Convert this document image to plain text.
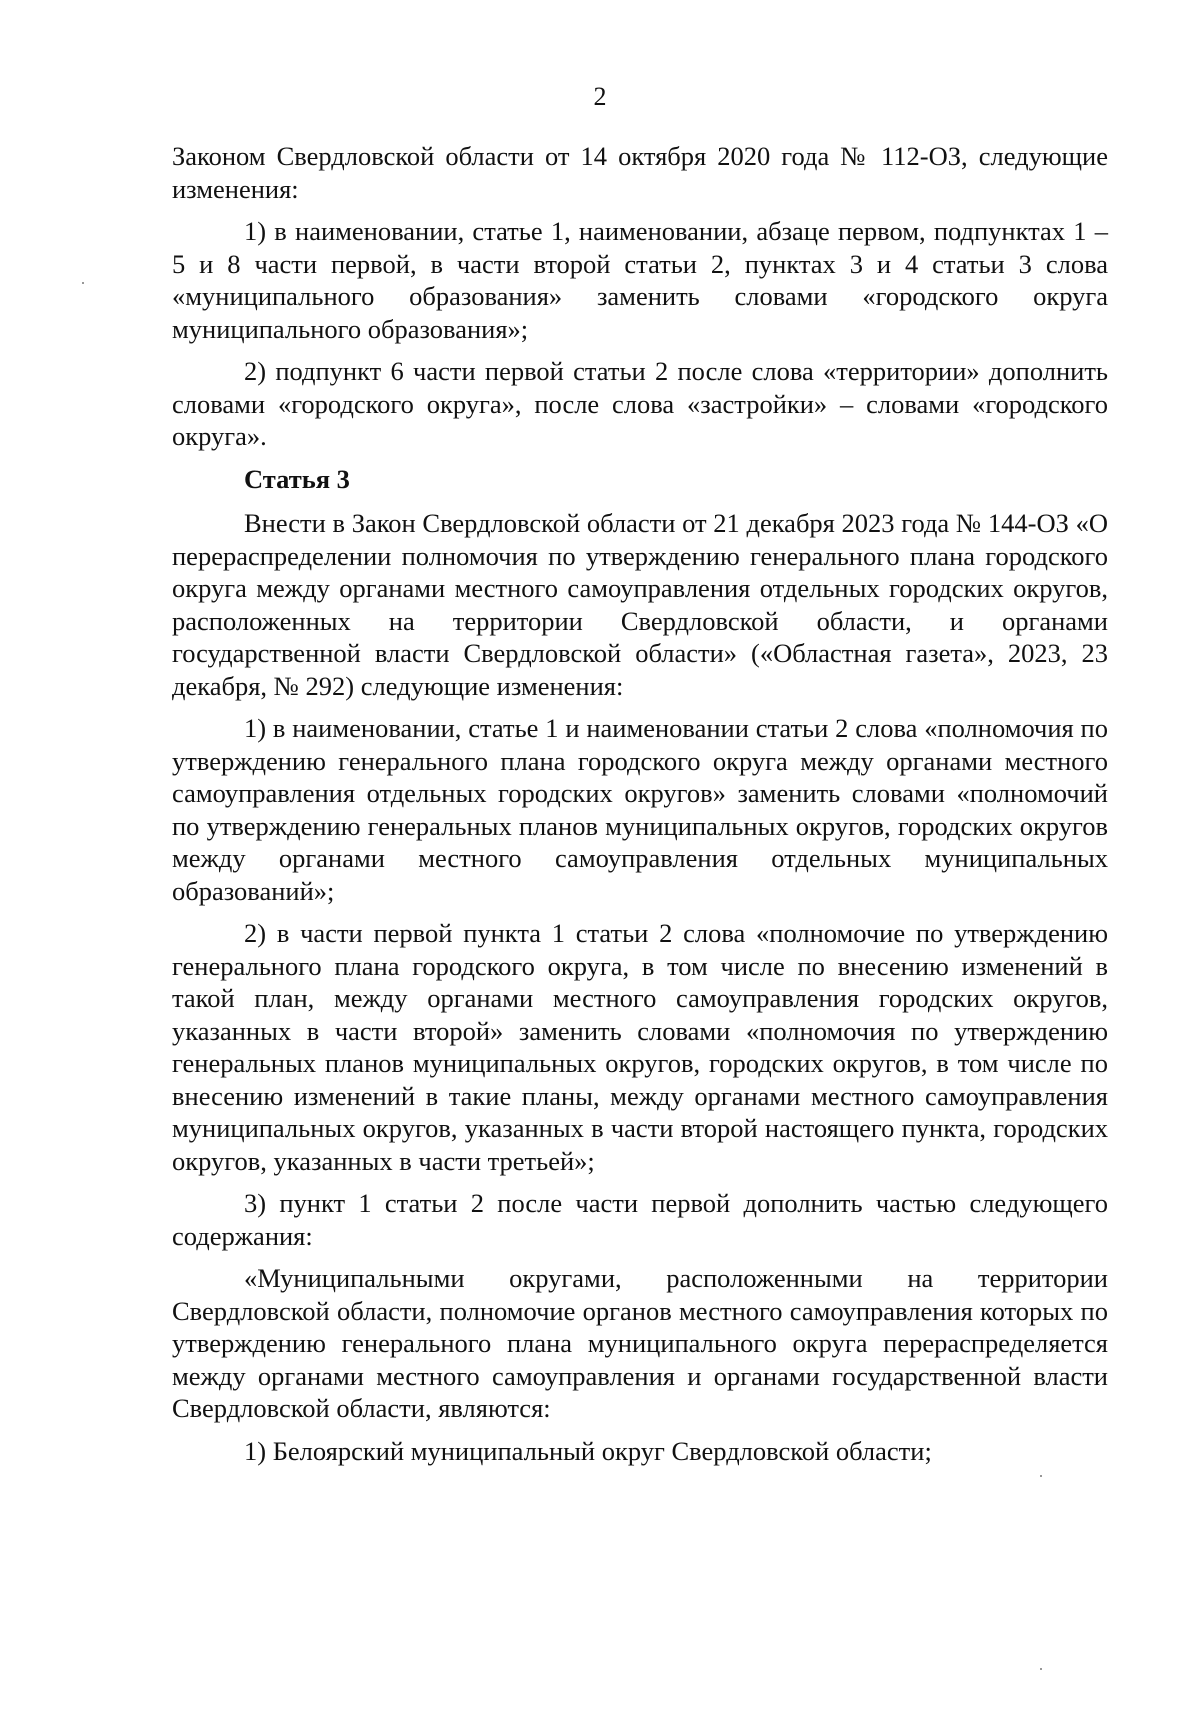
2

Законом Свердловской области от 14 октября 2020 года № 112-ОЗ, следующие изменения:

1) в наименовании, статье 1, наименовании, абзаце первом, подпунктах 1 – 5 и 8 части первой, в части второй статьи 2, пунктах 3 и 4 статьи 3 слова «муниципального образования» заменить словами «городского округа муниципального образования»;

2) подпункт 6 части первой статьи 2 после слова «территории» дополнить словами «городского округа», после слова «застройки» – словами «городского округа».

Статья 3

Внести в Закон Свердловской области от 21 декабря 2023 года № 144-ОЗ «О перераспределении полномочия по утверждению генерального плана городского округа между органами местного самоуправления отдельных городских округов, расположенных на территории Свердловской области, и органами государственной власти Свердловской области» («Областная газета», 2023, 23 декабря, № 292) следующие изменения:

1) в наименовании, статье 1 и наименовании статьи 2 слова «полномочия по утверждению генерального плана городского округа между органами местного самоуправления отдельных городских округов» заменить словами «полномочий по утверждению генеральных планов муниципальных округов, городских округов между органами местного самоуправления отдельных муниципальных образований»;

2) в части первой пункта 1 статьи 2 слова «полномочие по утверждению генерального плана городского округа, в том числе по внесению изменений в такой план, между органами местного самоуправления городских округов, указанных в части второй» заменить словами «полномочия по утверждению генеральных планов муниципальных округов, городских округов, в том числе по внесению изменений в такие планы, между органами местного самоуправления муниципальных округов, указанных в части второй настоящего пункта, городских округов, указанных в части третьей»;

3) пункт 1 статьи 2 после части первой дополнить частью следующего содержания:

«Муниципальными округами, расположенными на территории Свердловской области, полномочие органов местного самоуправления которых по утверждению генерального плана муниципального округа перераспределяется между органами местного самоуправления и органами государственной власти Свердловской области, являются:

1) Белоярский муниципальный округ Свердловской области;
